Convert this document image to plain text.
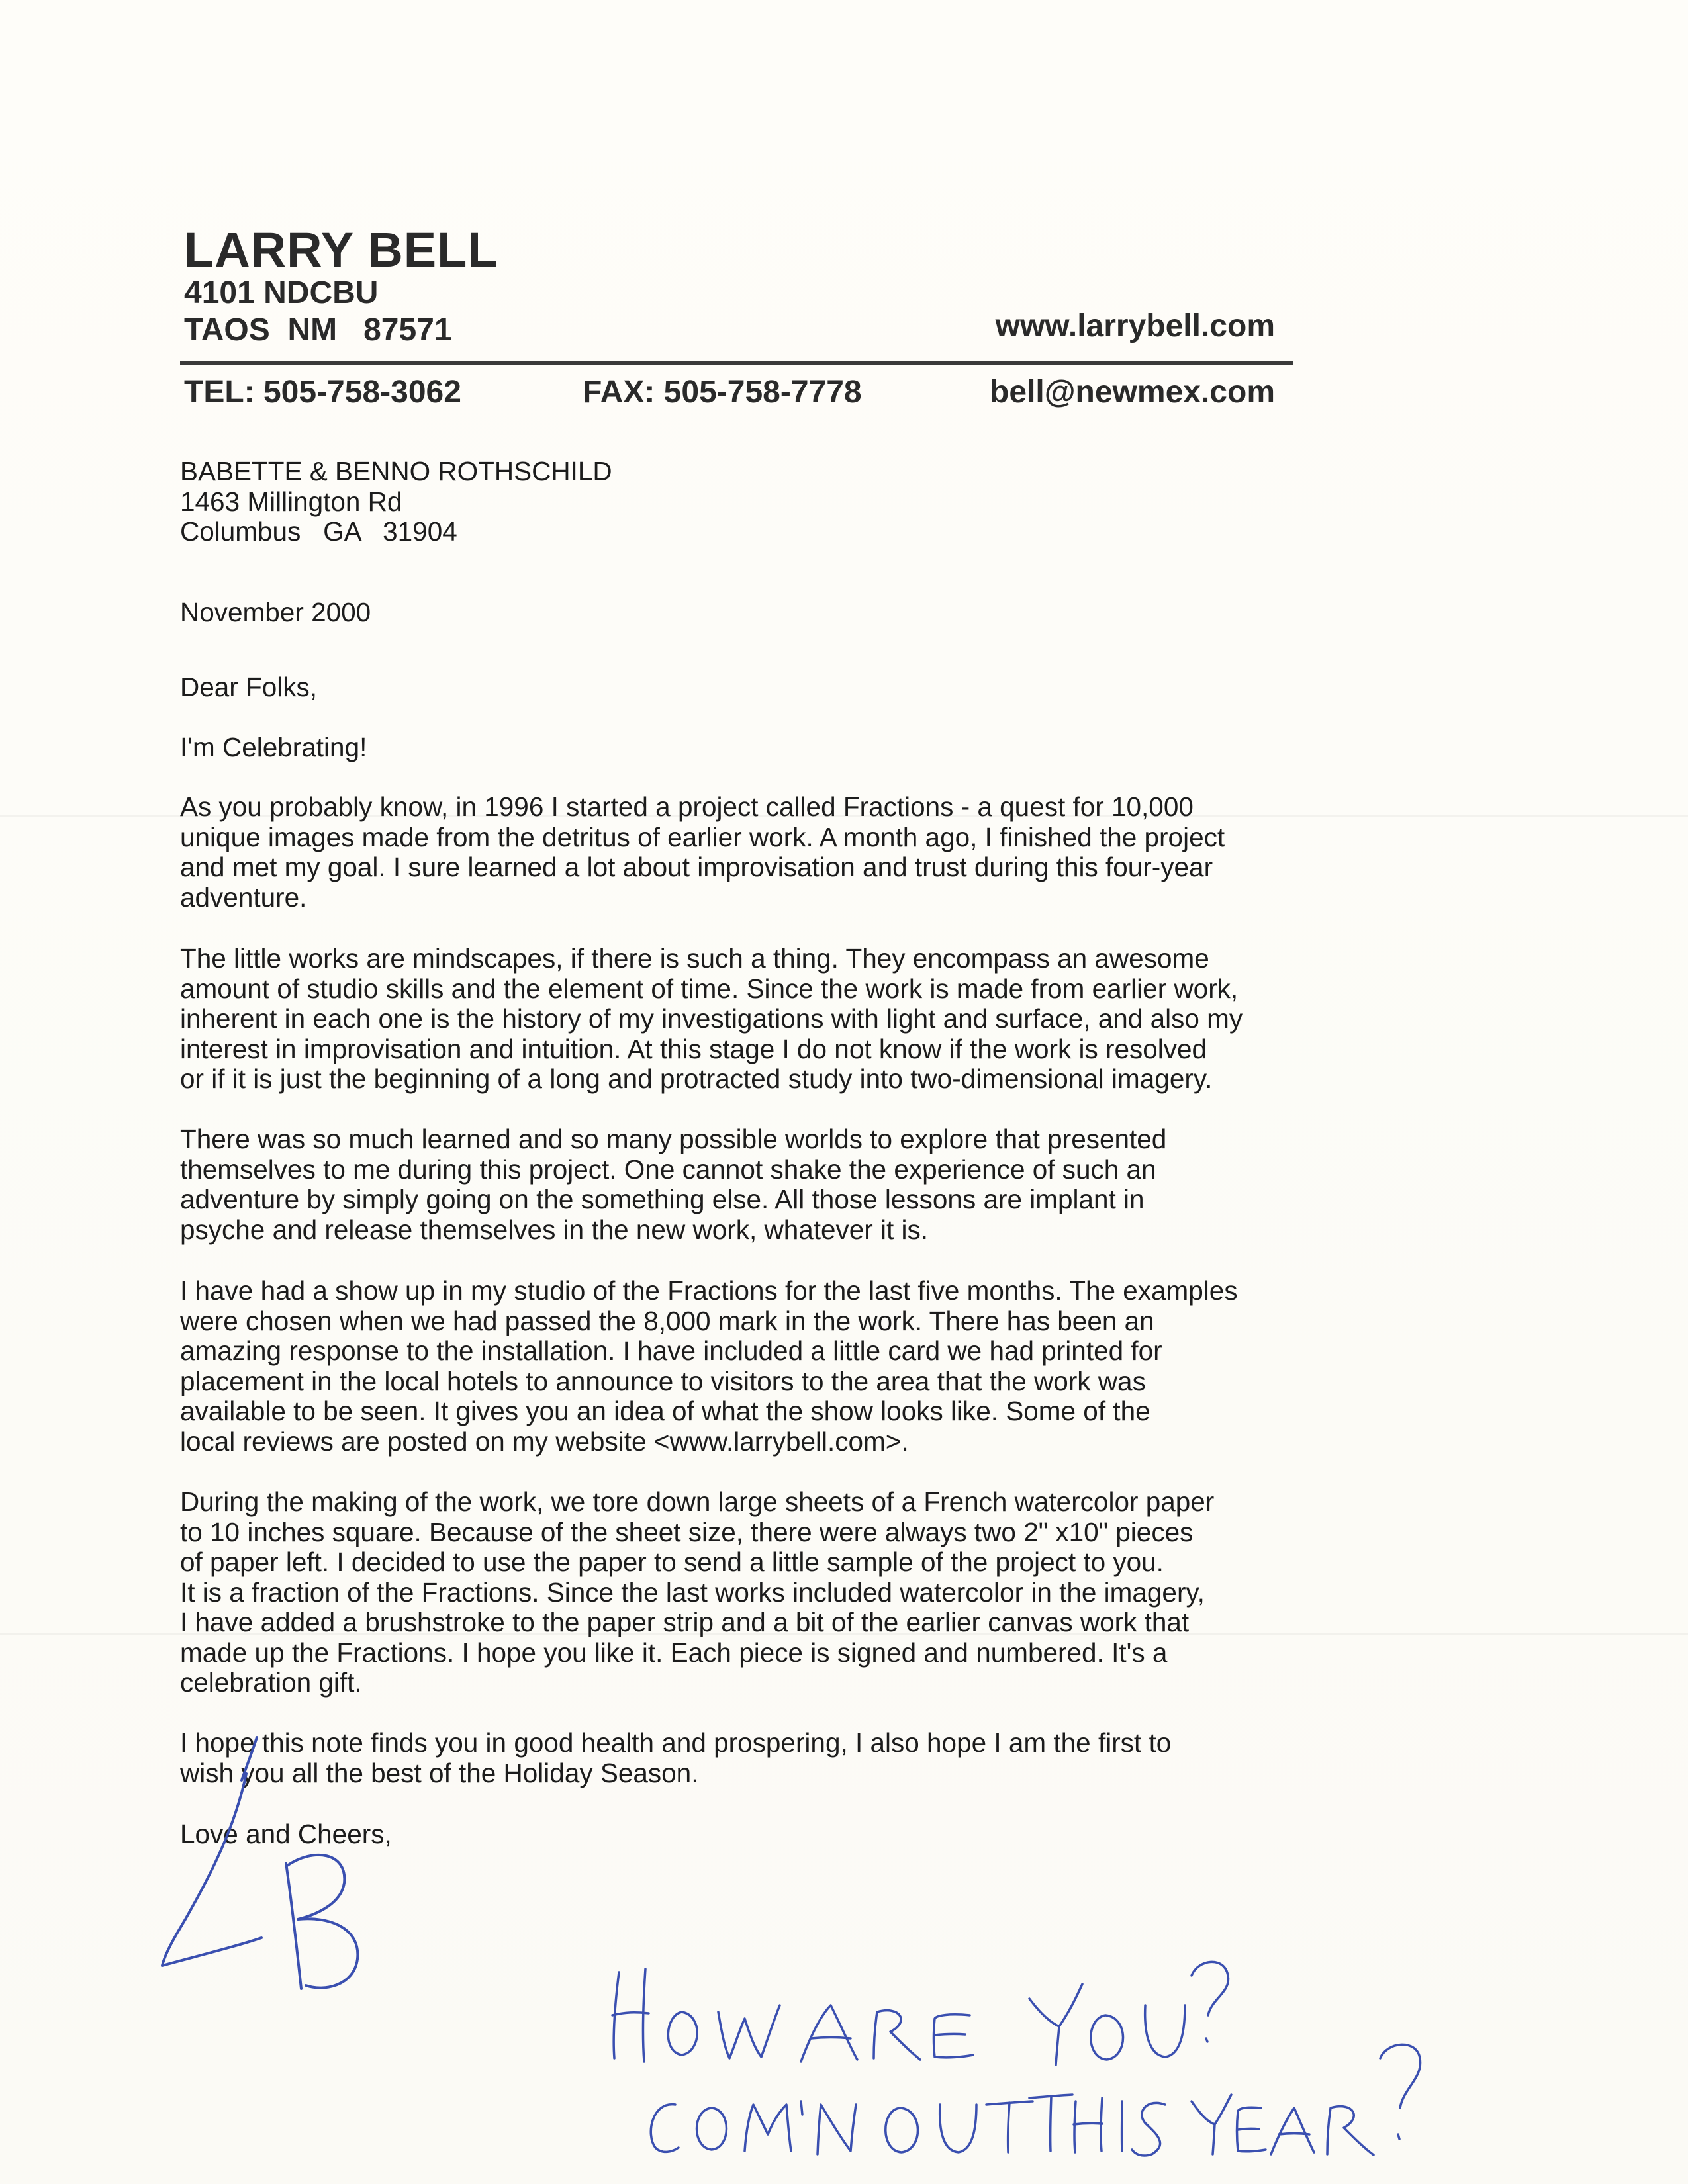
LARRY BELL
4101 NDCBU
TAOS  NM   87571	www.larrybell.com
TEL: 505-758-3062	FAX: 505-758-7778	bell@newmex.com
BABETTE & BENNO ROTHSCHILD
1463 Millington Rd
Columbus   GA   31904
November 2000
Dear Folks,
I'm Celebrating!
As you probably know, in 1996 I started a project called Fractions - a quest for 10,000
unique images made from the detritus of earlier work. A month ago, I finished the project
and met my goal. I sure learned a lot about improvisation and trust during this four-year
adventure.
The little works are mindscapes, if there is such a thing. They encompass an awesome
amount of studio skills and the element of time. Since the work is made from earlier work,
inherent in each one is the history of my investigations with light and surface, and also my
interest in improvisation and intuition. At this stage I do not know if the work is resolved
or if it is just the beginning of a long and protracted study into two-dimensional imagery.
There was so much learned and so many possible worlds to explore that presented
themselves to me during this project. One cannot shake the experience of such an
adventure by simply going on the something else. All those lessons are implant in
psyche and release themselves in the new work, whatever it is.
I have had a show up in my studio of the Fractions for the last five months. The examples
were chosen when we had passed the 8,000 mark in the work. There has been an
amazing response to the installation. I have included a little card we had printed for
placement in the local hotels to announce to visitors to the area that the work was
available to be seen. It gives you an idea of what the show looks like. Some of the
local reviews are posted on my website <www.larrybell.com>.
During the making of the work, we tore down large sheets of a French watercolor paper
to 10 inches square. Because of the sheet size, there were always two 2" x10" pieces
of paper left. I decided to use the paper to send a little sample of the project to you.
It is a fraction of the Fractions. Since the last works included watercolor in the imagery,
I have added a brushstroke to the paper strip and a bit of the earlier canvas work that
made up the Fractions. I hope you like it. Each piece is signed and numbered. It's a
celebration gift.
I hope this note finds you in good health and prospering, I also hope I am the first to
wish you all the best of the Holiday Season.
Love and Cheers,
